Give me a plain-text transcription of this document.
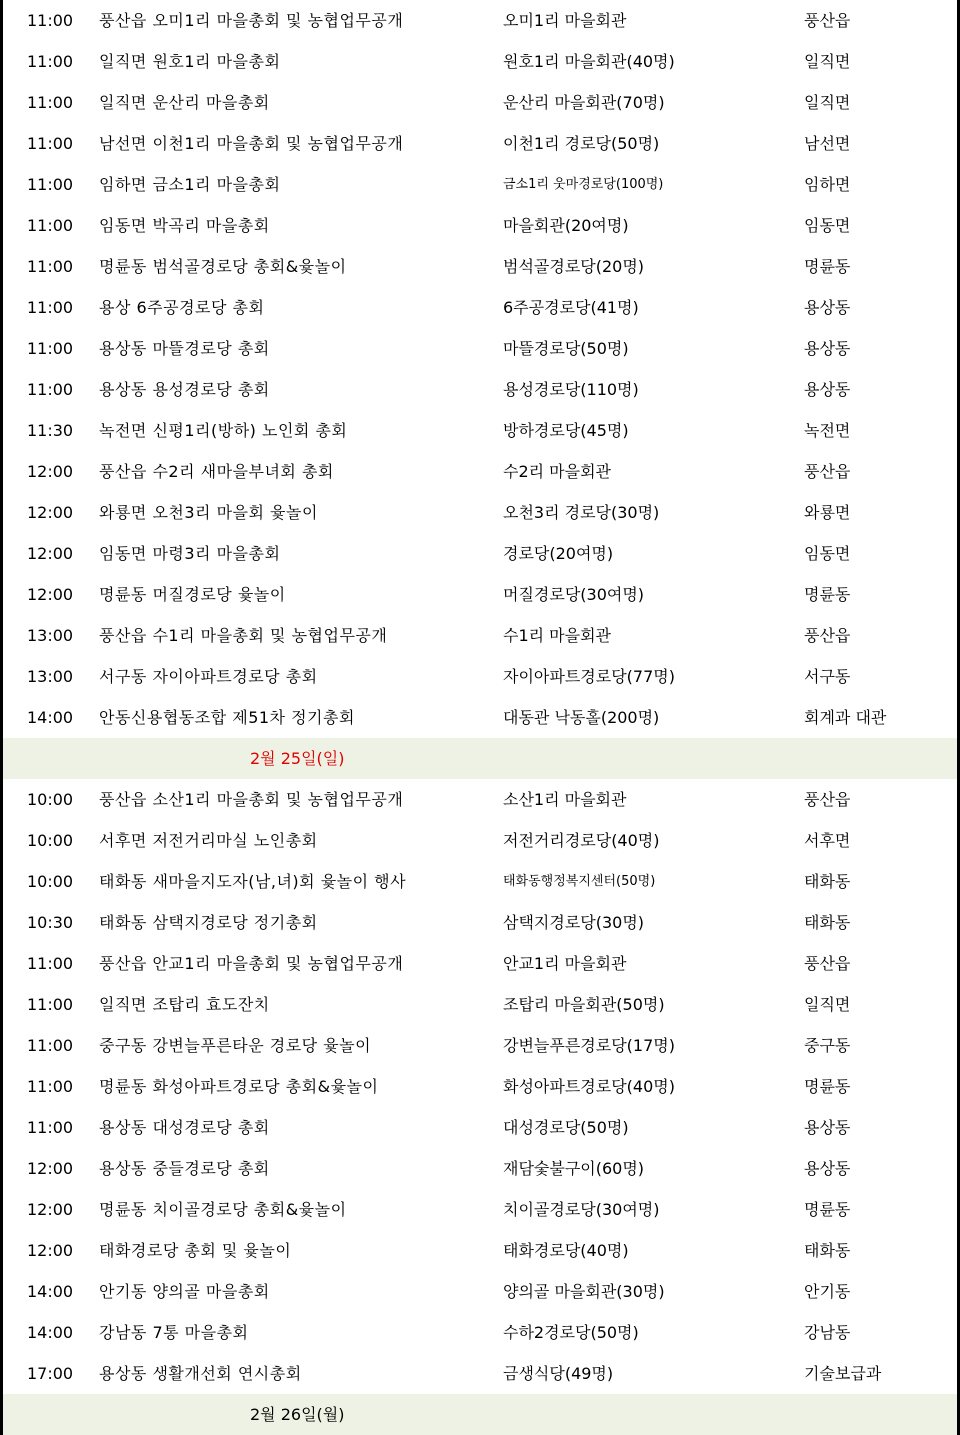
11:00 풍산읍 오미1리 마을총회 및 농협업무공개	오미1리 마을회관	풍산읍
11:00 일직면 원호1리 마을총회	원호1리 마을회관(40명)	일직면
11:00 일직면 운산리 마을총회	운산리 마을회관(70명)	일직면
11:00 남선면 이천1리 마을총회 및 농협업무공개	이천1리 경로당(50명)	남선면
11:00 임하면 금소1리 마을총회	금소1리 웃마경로당(100명)	임하면
11:00 임동면 박곡리 마을총회	마을회관(20여명)	임동면
11:00 명륜동 범석골경로당 총회&윷놀이	범석골경로당(20명)	명륜동
11:00 용상 6주공경로당 총회	6주공경로당(41명)	용상동
11:00 용상동 마뜰경로당 총회	마뜰경로당(50명)	용상동
11:00 용상동 용성경로당 총회	용성경로당(110명)	용상동
11:30 녹전면 신평1리(방하) 노인회 총회	방하경로당(45명)	녹전면
12:00 풍산읍 수2리 새마을부녀회 총회	수2리 마을회관	풍산읍
12:00 와룡면 오천3리 마을회 윷놀이	오천3리 경로당(30명)	와룡면
12:00 임동면 마령3리 마을총회	경로당(20여명)	임동면
12:00 명륜동 머질경로당 윷놀이	머질경로당(30여명)	명륜동
13:00 풍산읍 수1리 마을총회 및 농협업무공개	수1리 마을회관	풍산읍
13:00 서구동 자이아파트경로당 총회	자이아파트경로당(77명)	서구동
14:00 안동신용협동조합 제51차 정기총회	대동관 낙동홀(200명)	회계과 대관
2월 25일(일)
10:00 풍산읍 소산1리 마을총회 및 농협업무공개	소산1리 마을회관	풍산읍
10:00 서후면 저전거리마실 노인총회	저전거리경로당(40명)	서후면
10:00 태화동 새마을지도자(남,녀)회 윷놀이 행사	태화동행정복지센터(50명)	태화동
10:30 태화동 삼택지경로당 정기총회	삼택지경로당(30명)	태화동
11:00 풍산읍 안교1리 마을총회 및 농협업무공개	안교1리 마을회관	풍산읍
11:00 일직면 조탑리 효도잔치	조탑리 마을회관(50명)	일직면
11:00 중구동 강변늘푸른타운 경로당 윷놀이	강변늘푸른경로당(17명)	중구동
11:00 명륜동 화성아파트경로당 총회&윷놀이	화성아파트경로당(40명)	명륜동
11:00 용상동 대성경로당 총회	대성경로당(50명)	용상동
12:00 용상동 중들경로당 총회	재담숯불구이(60명)	용상동
12:00 명륜동 치이골경로당 총회&윷놀이	치이골경로당(30여명)	명륜동
12:00 태화경로당 총회 및 윷놀이	태화경로당(40명)	태화동
14:00 안기동 양의골 마을총회	양의골 마을회관(30명)	안기동
14:00 강남동 7통 마을총회	수하2경로당(50명)	강남동
17:00 용상동 생활개선회 연시총회	금생식당(49명)	기술보급과
2월 26일(월)
